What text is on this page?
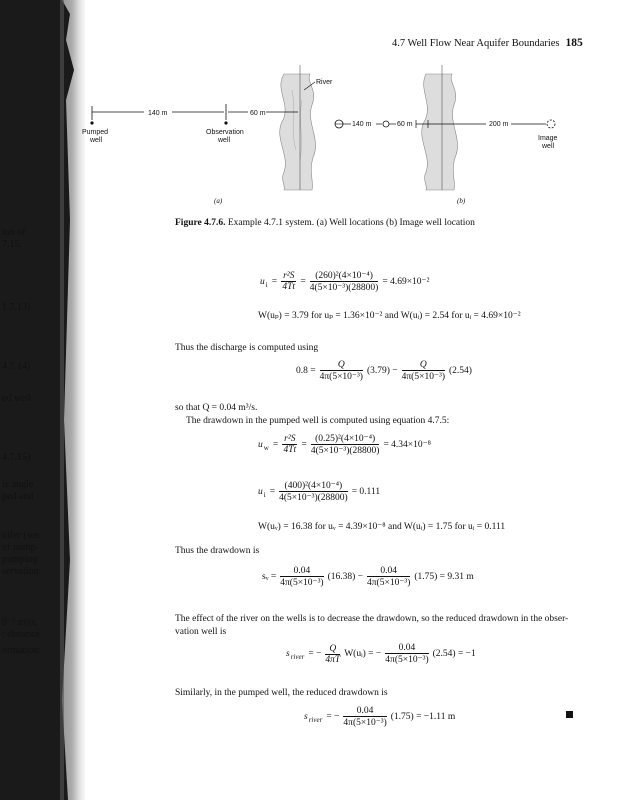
ion of
7.15.
1.7.13)
4.7.14)
ed well
4.7.15)
ie angle
ped and
uifer (see
of pump-
pumping
servation
0⁻³ m²/s,
: distance
ormation:
4.7 Well Flow Near Aquifer Boundaries 185
River
140 m	60 m
Pumped
well
Observation
well
(a)
140 m	60 m	200 m
Image
well
(b)
Figure 4.7.6. Example 4.7.1 system. (a) Well locations (b) Image well location
u $i = \frac{\text{r²S}}{4Tt} = \frac{\text{(260)²(4×10⁻⁴)}}{\text{4(5×10⁻³)(28800)}} = 4.69\times 10^{-2}$
W(uₚ) = 3.79 for uₚ = 1.36×10⁻² and W(uᵢ) = 2.54 for uᵢ = 4.69×10⁻²
Thus the discharge is computed using
$0.8 = \frac{Q}{\text{4π(5×10⁻³)}} (3.79) - \frac{Q}{\text{4π(5×10⁻³)}} (2.54)$
so that Q = 0.04 m³/s.
The drawdown in the pumped well is computed using equation 4.7.5:
u $w = \frac{\text{r²S}}{4Tt} = \frac{\text{(0.25)²(4×10⁻⁴)}}{\text{4(5×10⁻³)(28800)}} = 4.34\times 10^{-8}$
u $i = \frac{\text{(400)²(4×10⁻⁴)}}{\text{4(5×10⁻³)(28800)}} = 0.111$
W(uᵥ) = 16.38 for uᵥ = 4.39×10⁻⁸ and W(uᵢ) = 1.75 for uᵢ = 0.111
Thus the drawdown is
sᵥ = $\frac{0.04}{\text{4π(5×10⁻³)}} (16.38) - \frac{0.04}{\text{4π(5×10⁻³)}} (1.75) = 9.31$ m
The effect of the river on the wells is to decrease the drawdown, so the reduced drawdown in the obser-
vation well is
s river = − $\frac{Q}{4\pi T}$ W(uᵢ) = − $\frac{0.04}{\text{4π(5×10⁻³)}} (2.54) = -1$
Similarly, in the pumped well, the reduced drawdown is
s river = − $\frac{0.04}{\text{4π(5×10⁻³)}} (1.75) = -1.11$ m
